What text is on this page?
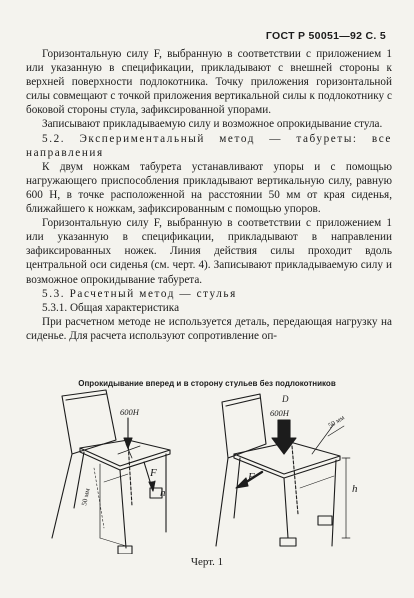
ГОСТ Р 50051—92 С. 5

Горизонтальную силу F, выбранную в соответствии с приложением 1 или указанную в спецификации, прикладывают с внешней стороны к верхней поверхности подлокотника. Точку приложения горизонтальной силы совмещают с точкой приложения вертикальной силы к подлокотнику с боковой стороны стула, зафиксированной упорами.

Записывают прикладываемую силу и возможное опрокидывание стула.

5.2. Экспериментальный метод — табуреты: все направления

К двум ножкам табурета устанавливают упоры и с помощью нагружающего приспособления прикладывают вертикальную силу, равную 600 Н, в точке расположенной на расстоянии 50 мм от края сиденья, ближайшего к ножкам, зафиксированным с помощью упоров.

Горизонтальную силу F, выбранную в соответствии с приложением 1 или указанную в спецификации, прикладывают в направлении зафиксированных ножек. Линия действия силы проходит вдоль центральной оси сиденья (см. черт. 4). Записывают прикладываемую силу и возможное опрокидывание табурета.

5.3. Расчетный метод — стулья

5.3.1. Общая характеристика

При расчетном методе не используется деталь, передающая нагрузку на сиденье. Для расчета используют сопротивление оп-

Опрокидывание вперед и в сторону стульев без подлокотников
600Н
F
h
50 мм
D
600Н
50 мм
F
h
Черт. 1
